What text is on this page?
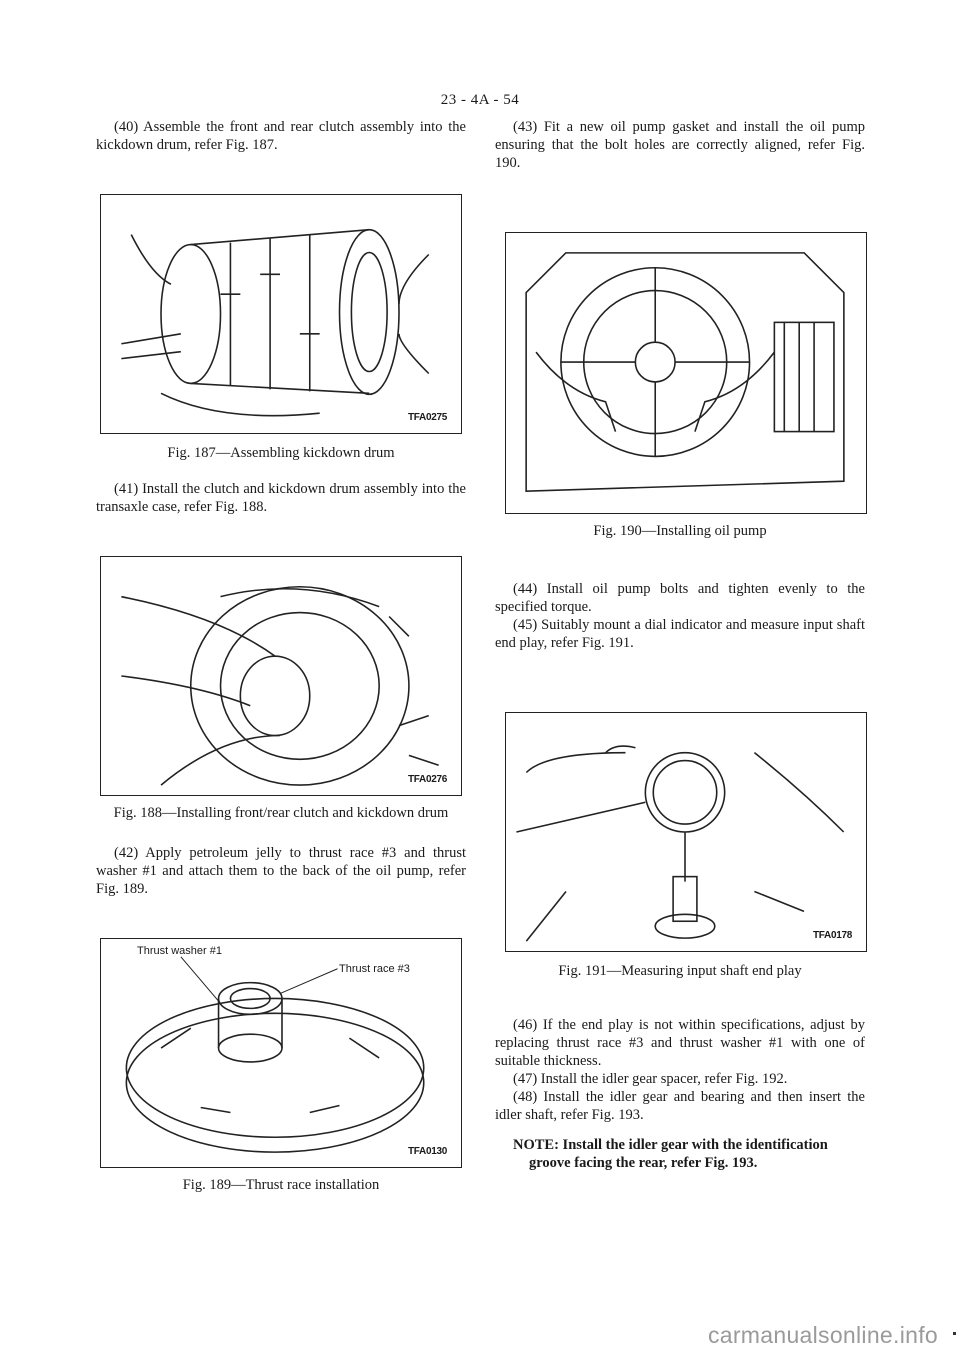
23 - 4A - 54

(40) Assemble the front and rear clutch assembly into the kickdown drum, refer Fig. 187.

TFA0275

Fig. 187—Assembling kickdown drum

(41) Install the clutch and kickdown drum assembly into the transaxle case, refer Fig. 188.

TFA0276

Fig. 188—Installing front/rear clutch and kickdown drum

(42) Apply petroleum jelly to thrust race #3 and thrust washer #1 and attach them to the back of the oil pump, refer Fig. 189.

Thrust washer #1
Thrust race #3
TFA0130

Fig. 189—Thrust race installation

(43) Fit a new oil pump gasket and install the oil pump ensuring that the bolt holes are correctly aligned, refer Fig. 190.

Fig. 190—Installing oil pump

(44) Install oil pump bolts and tighten evenly to the specified torque.

(45) Suitably mount a dial indicator and measure input shaft end play, refer Fig. 191.

TFA0178

Fig. 191—Measuring input shaft end play

(46) If the end play is not within specifications, adjust by replacing thrust race #3 and thrust washer #1 with one of suitable thickness.

(47) Install the idler gear spacer, refer Fig. 192.

(48) Install the idler gear and bearing and then insert the idler shaft, refer Fig. 193.

NOTE: Install the idler gear with the identification

groove facing the rear, refer Fig. 193.

carmanualsonline.info
